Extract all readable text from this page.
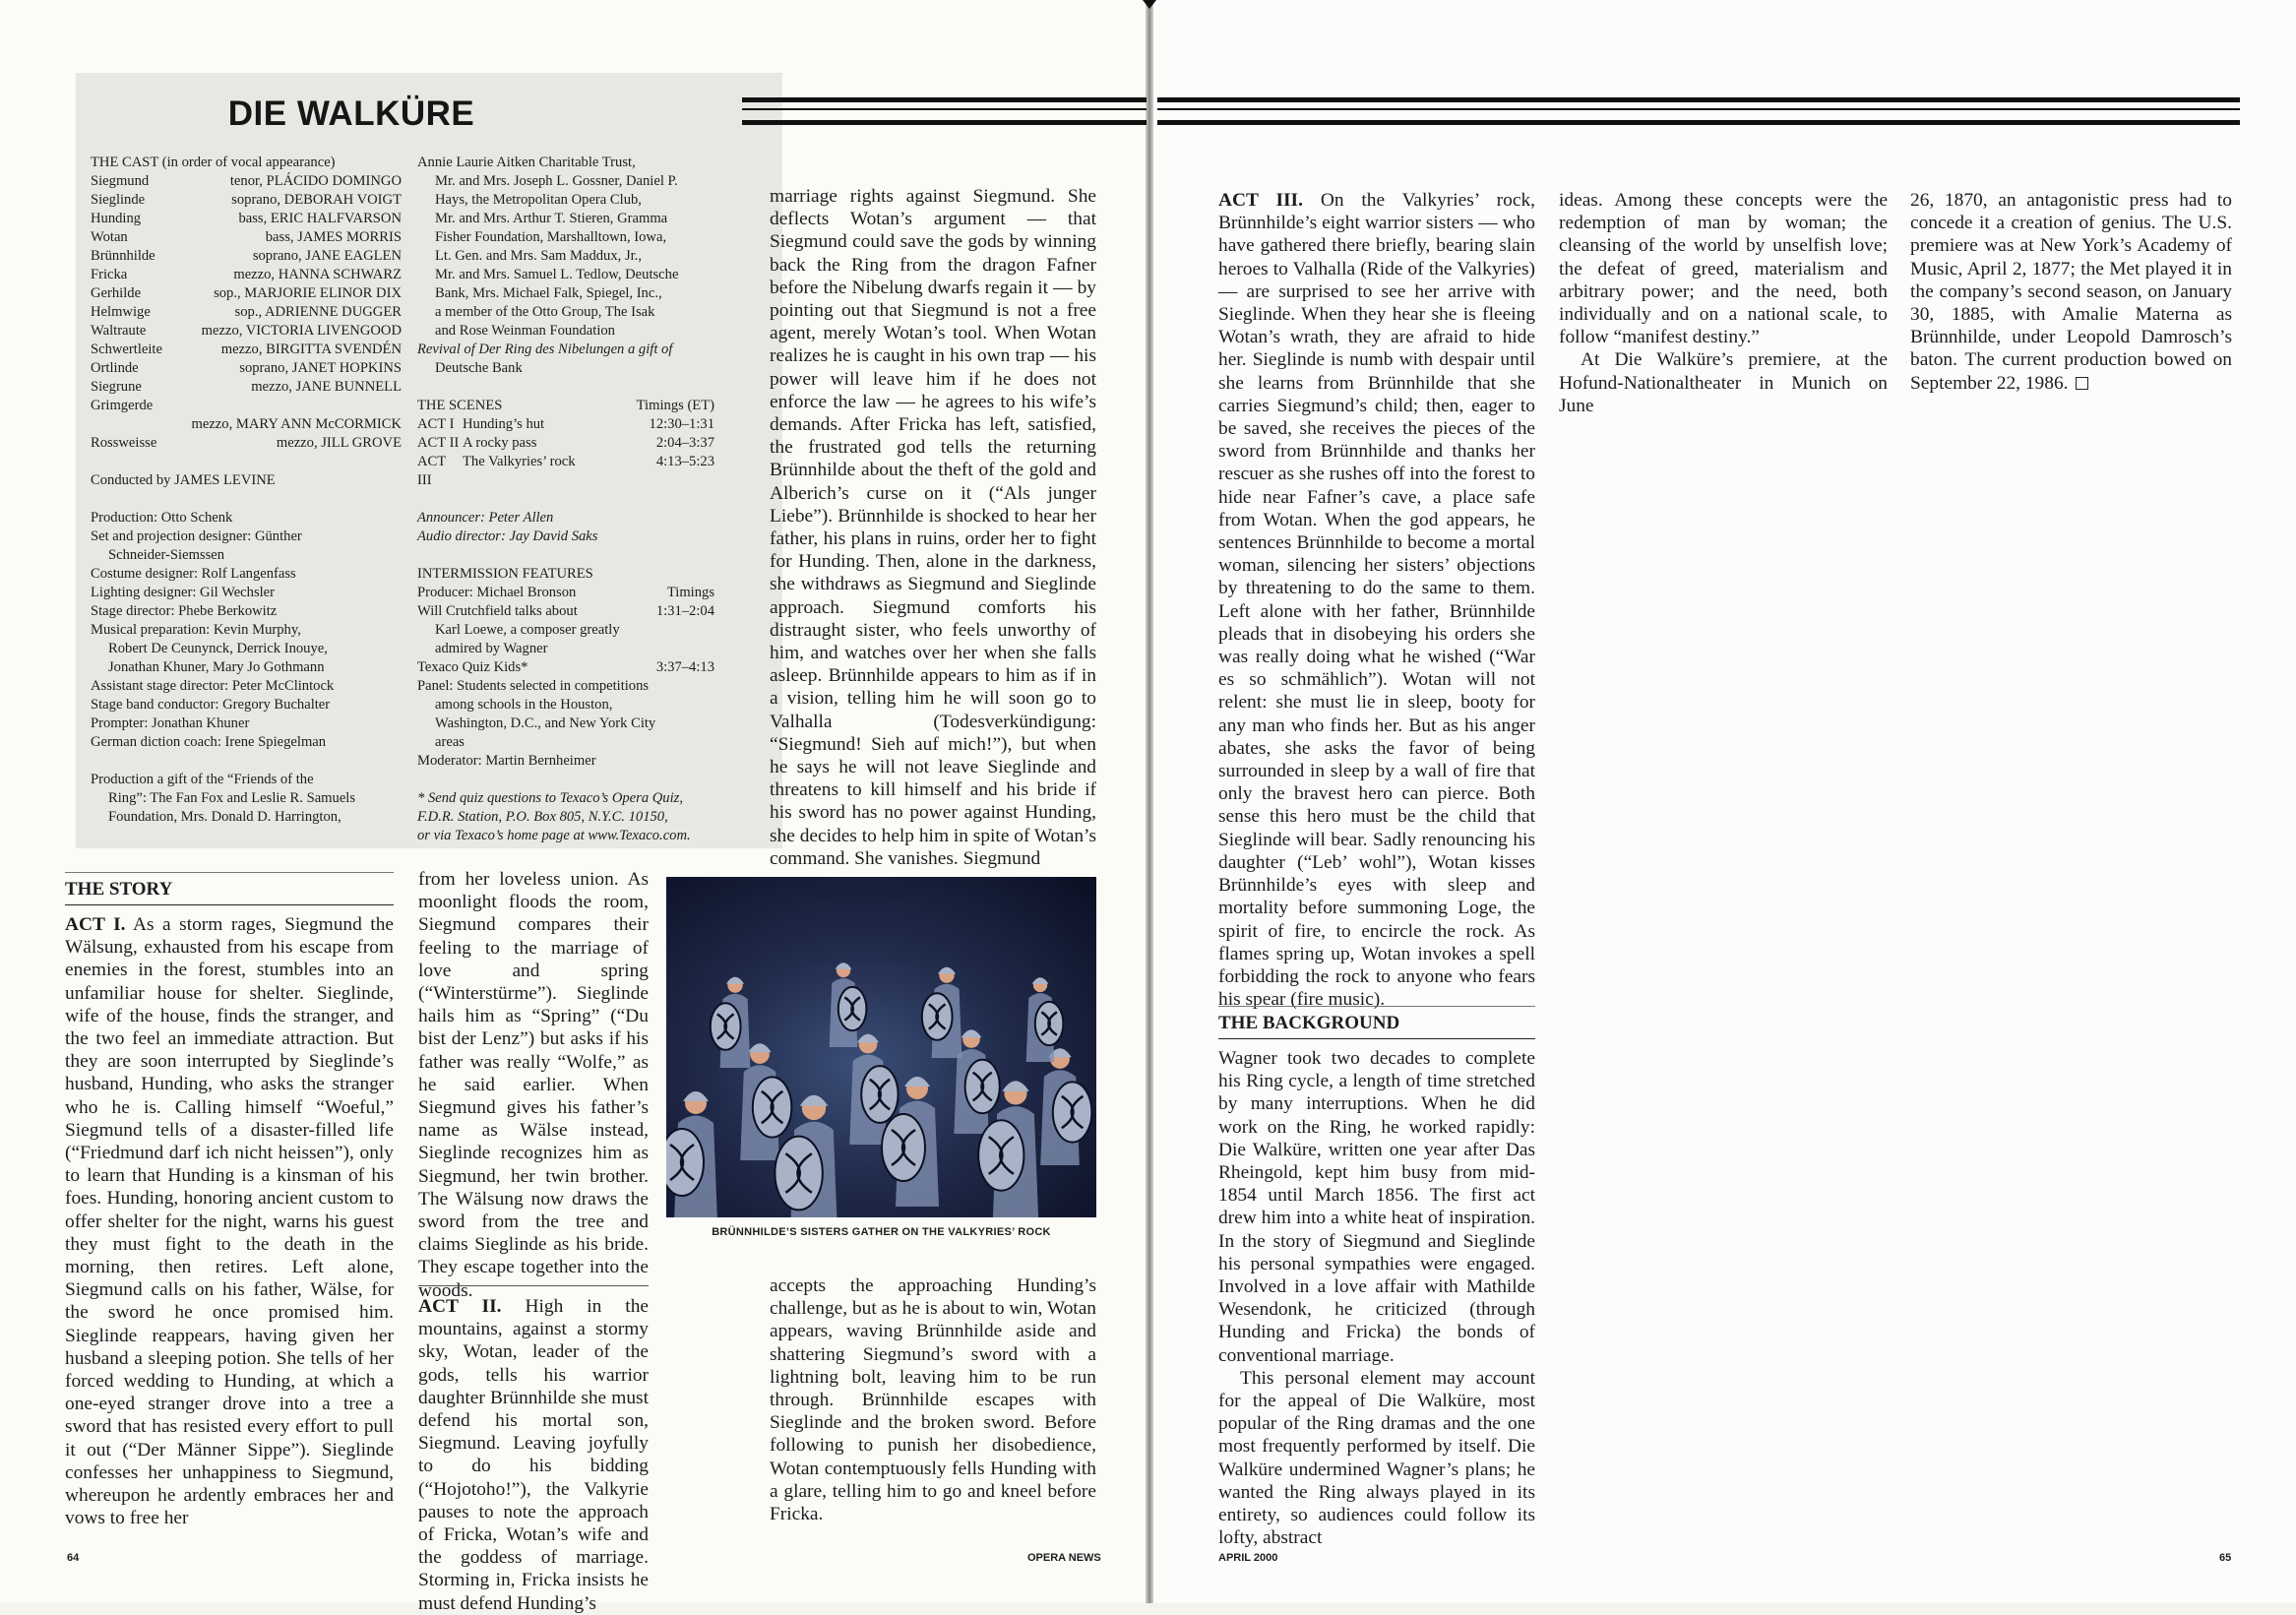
DIE WALKÜRE
THE CAST (in order of vocal appearance)
Siegmund	tenor, PLÁCIDO DOMINGO
Sieglinde	soprano, DEBORAH VOIGT
Hunding	bass, ERIC HALFVARSON
Wotan	bass, JAMES MORRIS
Brünnhilde	soprano, JANE EAGLEN
Fricka	mezzo, HANNA SCHWARZ
Gerhilde	sop., MARJORIE ELINOR DIX
Helmwige	sop., ADRIENNE DUGGER
Waltraute	mezzo, VICTORIA LIVENGOOD
Schwertleite	mezzo, BIRGITTA SVENDÉN
Ortlinde	soprano, JANET HOPKINS
Siegrune	mezzo, JANE BUNNELL
Grimgerde
mezzo, MARY ANN McCORMICK
Rossweisse	mezzo, JILL GROVE
Conducted by JAMES LEVINE
Production: Otto Schenk
Set and projection designer: Günther
Schneider-Siemssen
Costume designer: Rolf Langenfass
Lighting designer: Gil Wechsler
Stage director: Phebe Berkowitz
Musical preparation: Kevin Murphy,
Robert De Ceunynck, Derrick Inouye,
Jonathan Khuner, Mary Jo Gothmann
Assistant stage director: Peter McClintock
Stage band conductor: Gregory Buchalter
Prompter: Jonathan Khuner
German diction coach: Irene Spiegelman
Production a gift of the “Friends of the
Ring”: The Fan Fox and Leslie R. Samuels
Foundation, Mrs. Donald D. Harrington,
Annie Laurie Aitken Charitable Trust,
Mr. and Mrs. Joseph L. Gossner, Daniel P.
Hays, the Metropolitan Opera Club,
Mr. and Mrs. Arthur T. Stieren, Gramma
Fisher Foundation, Marshalltown, Iowa,
Lt. Gen. and Mrs. Sam Maddux, Jr.,
Mr. and Mrs. Samuel L. Tedlow, Deutsche
Bank, Mrs. Michael Falk, Spiegel, Inc.,
a member of the Otto Group, The Isak
and Rose Weinman Foundation
Revival of Der Ring des Nibelungen a gift of
Deutsche Bank
THE SCENES	Timings (ET)
ACT I Hunding’s hut	12:30–1:31
ACT II A rocky pass	2:04–3:37
ACT III
The Valkyries’ rock	4:13–5:23
Announcer: Peter Allen
Audio director: Jay David Saks
INTERMISSION FEATURES
Producer: Michael Bronson	Timings
Will Crutchfield talks about	1:31–2:04
Karl Loewe, a composer greatly
admired by Wagner
Texaco Quiz Kids*	3:37–4:13
Panel: Students selected in competitions
among schools in the Houston,
Washington, D.C., and New York City
areas
Moderator: Martin Bernheimer
* Send quiz questions to Texaco’s Opera Quiz,
F.D.R. Station, P.O. Box 805, N.Y.C. 10150,
or via Texaco’s home page at www.Texaco.com.
THE STORY

ACT I. As a storm rages, Siegmund the Wälsung, exhausted from his escape from enemies in the forest, stumbles into an unfamiliar house for shelter. Sieglinde, wife of the house, finds the stranger, and the two feel an immediate attraction. But they are soon interrupted by Sieglinde’s husband, Hunding, who asks the stranger who he is. Calling himself “Woeful,” Siegmund tells of a disaster-filled life (“Friedmund darf ich nicht heissen”), only to learn that Hunding is a kinsman of his foes. Hunding, honoring ancient custom to offer shelter for the night, warns his guest they must fight to the death in the morning, then retires. Left alone, Siegmund calls on his father, Wälse, for the sword he once promised him. Sieglinde reappears, having given her husband a sleeping potion. She tells of her forced wedding to Hunding, at which a one-eyed stranger drove into a tree a sword that has resisted every effort to pull it out (“Der Männer Sippe”). Sieglinde confesses her unhappiness to Siegmund, whereupon he ardently embraces her and vows to free her

from her loveless union. As moonlight floods the room, Siegmund compares their feeling to the marriage of love and spring (“Winterstürme”). Sieglinde hails him as “Spring” (“Du bist der Lenz”) but asks if his father was really “Wolfe,” as he said earlier. When Siegmund gives his father’s name as Wälse instead, Sieglinde recognizes him as Siegmund, her twin brother. The Wälsung now draws the sword from the tree and claims Sieglinde as his bride. They escape together into the woods.

ACT II. High in the mountains, against a stormy sky, Wotan, leader of the gods, tells his warrior daughter Brünnhilde she must defend his mortal son, Siegmund. Leaving joyfully to do his bidding (“Hojotoho!”), the Valkyrie pauses to note the approach of Fricka, Wotan’s wife and the goddess of marriage. Storming in, Fricka insists he must defend Hunding’s

marriage rights against Siegmund. She deflects Wotan’s argument — that Siegmund could save the gods by winning back the Ring from the dragon Fafner before the Nibelung dwarfs regain it — by pointing out that Siegmund is not a free agent, merely Wotan’s tool. When Wotan realizes he is caught in his own trap — his power will leave him if he does not enforce the law — he agrees to his wife’s demands. After Fricka has left, satisfied, the frustrated god tells the returning Brünnhilde about the theft of the gold and Alberich’s curse on it (“Als junger Liebe”). Brünnhilde is shocked to hear her father, his plans in ruins, order her to fight for Hunding. Then, alone in the darkness, she withdraws as Siegmund and Sieglinde approach. Siegmund comforts his distraught sister, who feels unworthy of him, and watches over her when she falls asleep. Brünnhilde appears to him as if in a vision, telling him he will soon go to Valhalla (Todesverkündigung: “Siegmund! Sieh auf mich!”), but when he says he will not leave Sieglinde and threatens to kill himself and his bride if his sword has no power against Hunding, she decides to help him in spite of Wotan’s command. She vanishes. Siegmund

BRÜNNHILDE’S SISTERS GATHER ON THE VALKYRIES’ ROCK

accepts the approaching Hunding’s challenge, but as he is about to win, Wotan appears, waving Brünnhilde aside and shattering Siegmund’s sword with a lightning bolt, leaving him to be run through. Brünnhilde escapes with Sieglinde and the broken sword. Before following to punish her disobedience, Wotan contemptuously fells Hunding with a glare, telling him to go and kneel before Fricka.

ACT III. On the Valkyries’ rock, Brünnhilde’s eight warrior sisters — who have gathered there briefly, bearing slain heroes to Valhalla (Ride of the Valkyries) — are surprised to see her arrive with Sieglinde. When they hear she is fleeing Wotan’s wrath, they are afraid to hide her. Sieglinde is numb with despair until she learns from Brünnhilde that she carries Siegmund’s child; then, eager to be saved, she receives the pieces of the sword from Brünnhilde and thanks her rescuer as she rushes off into the forest to hide near Fafner’s cave, a place safe from Wotan. When the god appears, he sentences Brünnhilde to become a mortal woman, silencing her sisters’ objections by threatening to do the same to them. Left alone with her father, Brünnhilde pleads that in disobeying his orders she was really doing what he wished (“War es so schmählich”). Wotan will not relent: she must lie in sleep, booty for any man who finds her. But as his anger abates, she asks the favor of being surrounded in sleep by a wall of fire that only the bravest hero can pierce. Both sense this hero must be the child that Sieglinde will bear. Sadly renouncing his daughter (“Leb’ wohl”), Wotan kisses Brünnhilde’s eyes with sleep and mortality before summoning Loge, the spirit of fire, to encircle the rock. As flames spring up, Wotan invokes a spell forbidding the rock to anyone who fears his spear (fire music).

THE BACKGROUND

Wagner took two decades to complete his Ring cycle, a length of time stretched by many interruptions. When he did work on the Ring, he worked rapidly: Die Walküre, written one year after Das Rheingold, kept him busy from mid-1854 until March 1856. The first act drew him into a white heat of inspiration. In the story of Siegmund and Sieglinde his personal sympathies were engaged. Involved in a love affair with Mathilde Wesendonk, he criticized (through Hunding and Fricka) the bonds of conventional marriage.

This personal element may account for the appeal of Die Walküre, most popular of the Ring dramas and the one most frequently performed by itself. Die Walküre undermined Wagner’s plans; he wanted the Ring always played in its entirety, so audiences could follow its lofty, abstract

ideas. Among these concepts were the redemption of man by woman; the cleansing of the world by unselfish love; the defeat of greed, materialism and arbitrary power; and the need, both individually and on a national scale, to follow “manifest destiny.”

At Die Walküre’s premiere, at the Hofund-Nationaltheater in Munich on June

26, 1870, an antagonistic press had to concede it a creation of genius. The U.S. premiere was at New York’s Academy of Music, April 2, 1877; the Met played it in the company’s second season, on January 30, 1885, with Amalie Materna as Brünnhilde, under Leopold Damrosch’s baton. The current production bowed on September 22, 1986.

64	OPERA NEWS	APRIL 2000	65
